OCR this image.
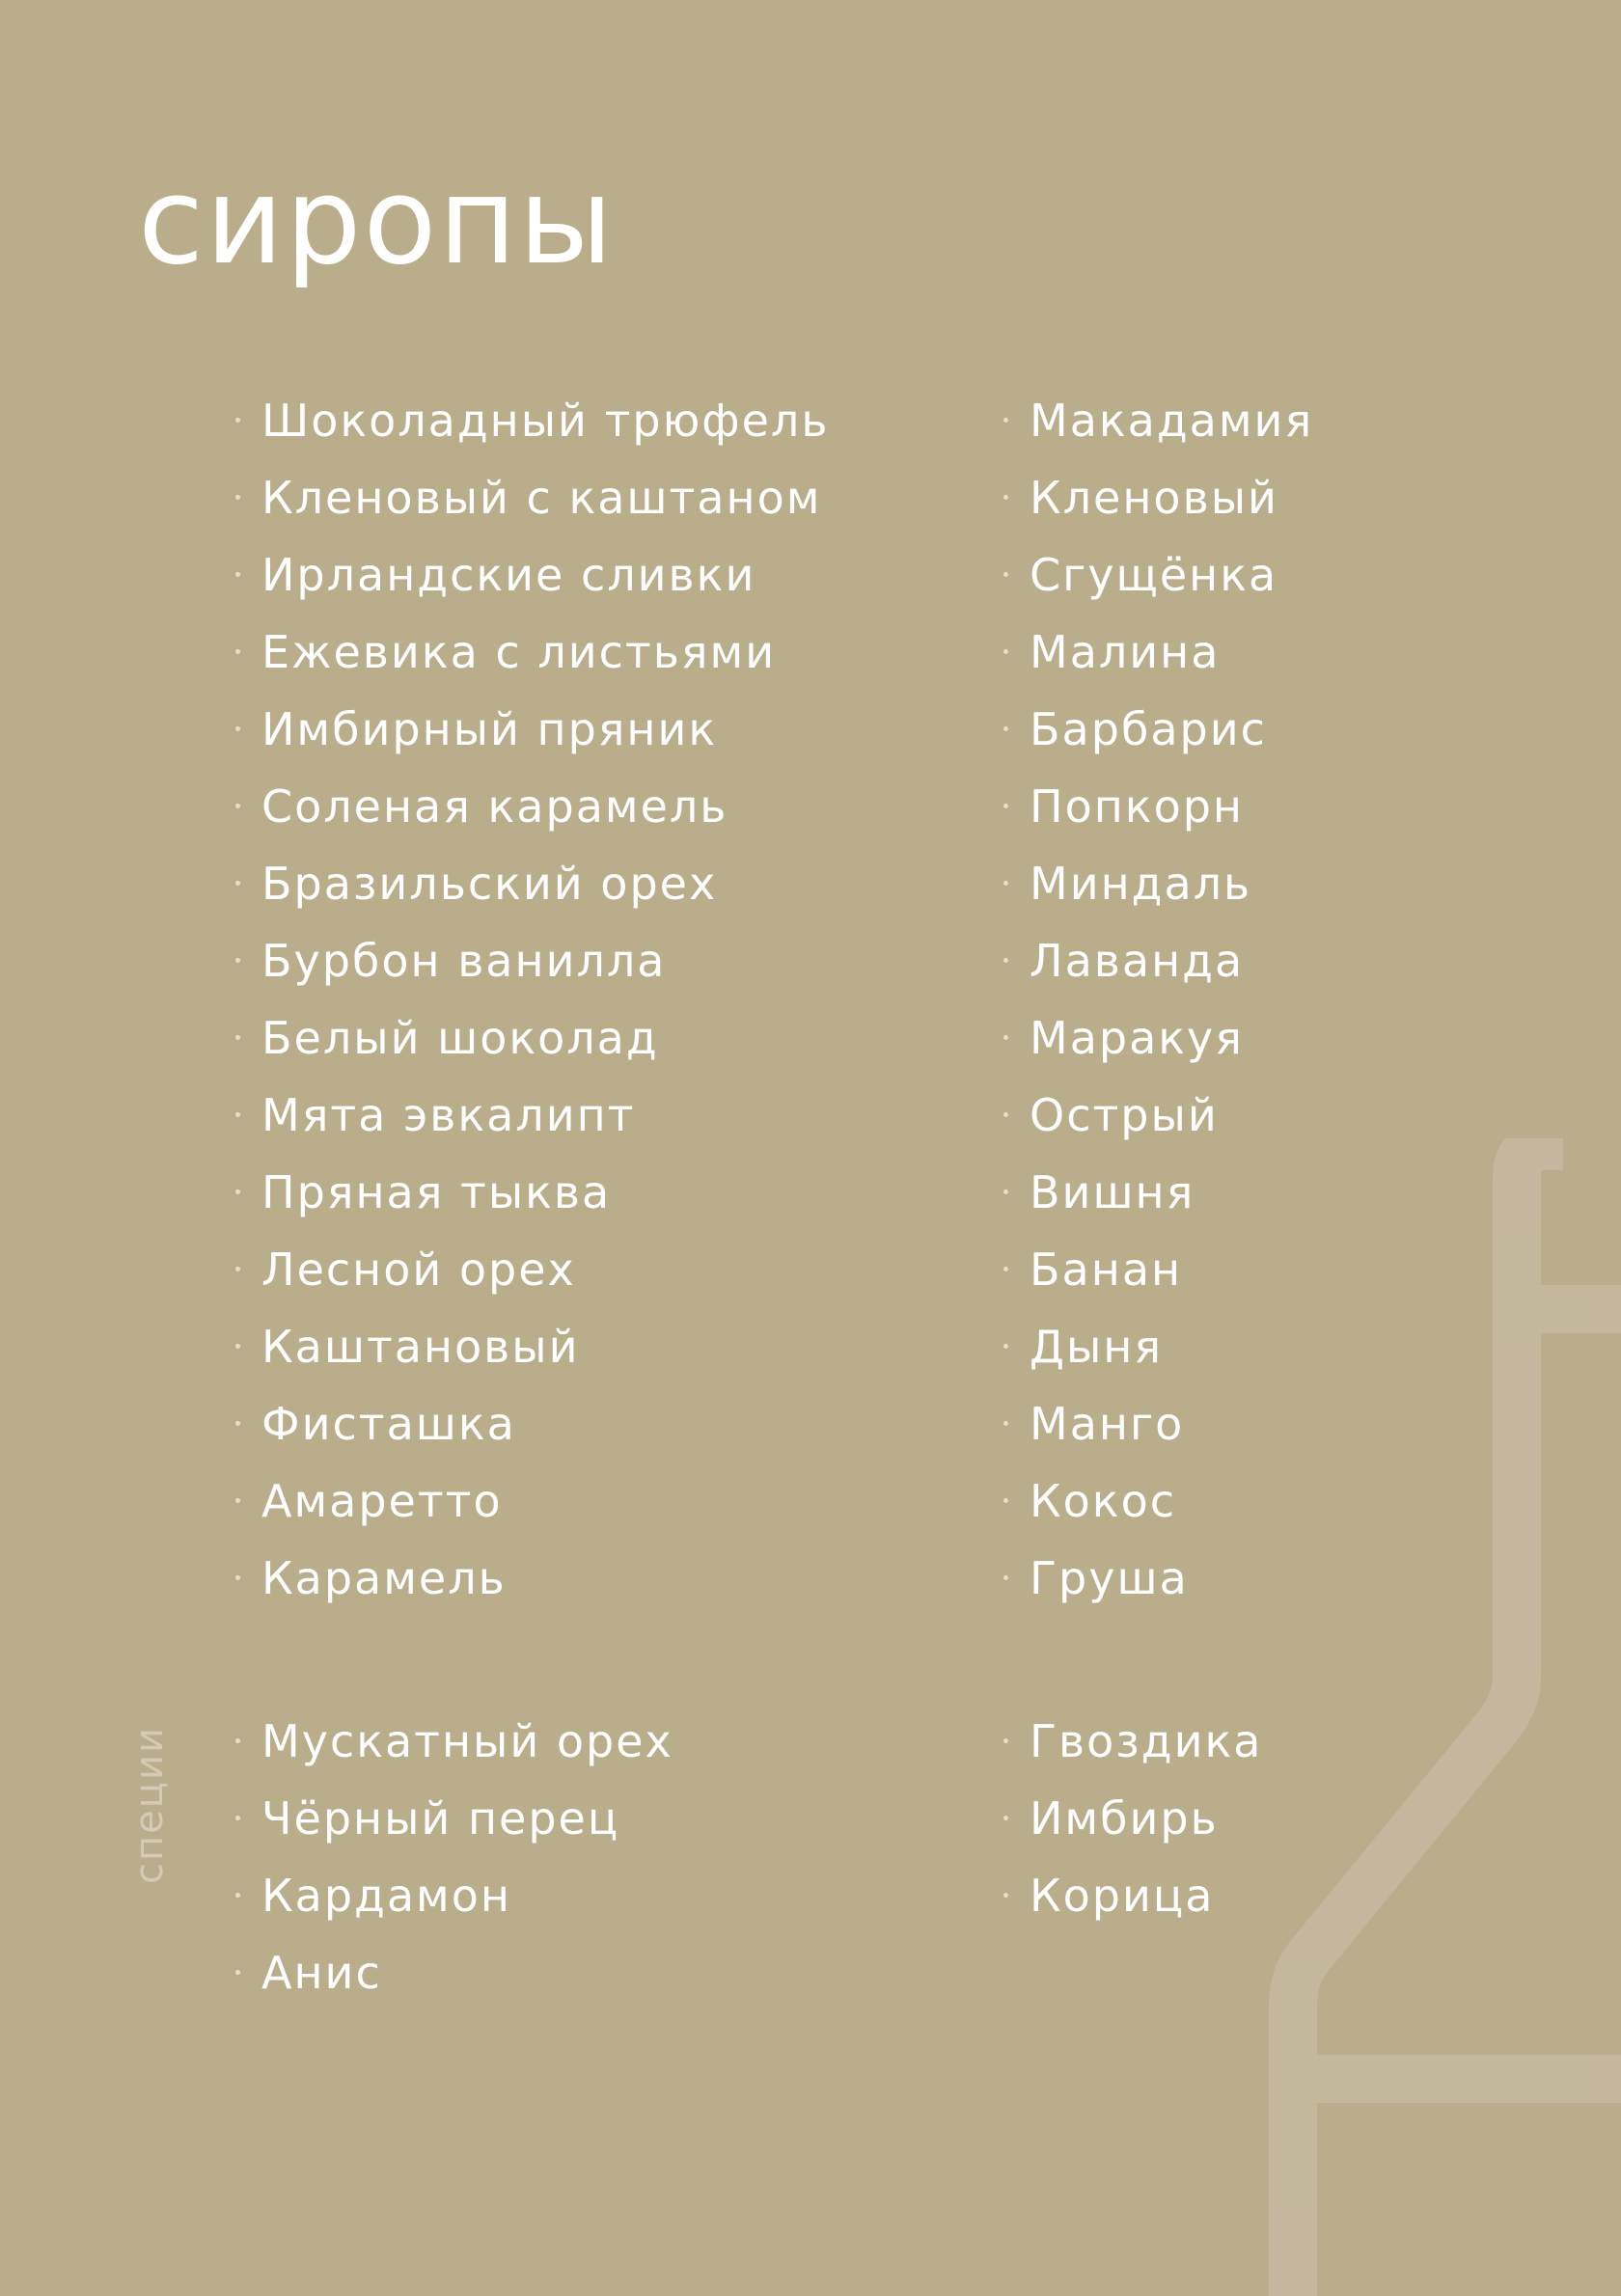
сиропы
Шоколадный трюфель
Кленовый с каштаном
Ирландские сливки
Ежевика с листьями
Имбирный пряник
Соленая карамель
Бразильский орех
Бурбон ванилла
Белый шоколад
Мята эвкалипт
Пряная тыква
Лесной орех
Каштановый
Фисташка
Амаретто
Карамель
Макадамия
Кленовый
Сгущёнка
Малина
Барбарис
Попкорн
Миндаль
Лаванда
Маракуя
Острый
Вишня
Банан
Дыня
Манго
Кокос
Груша
специи Мускатный орех
Чёрный перец
Кардамон
Анис
Гвоздика
Имбирь
Корица
